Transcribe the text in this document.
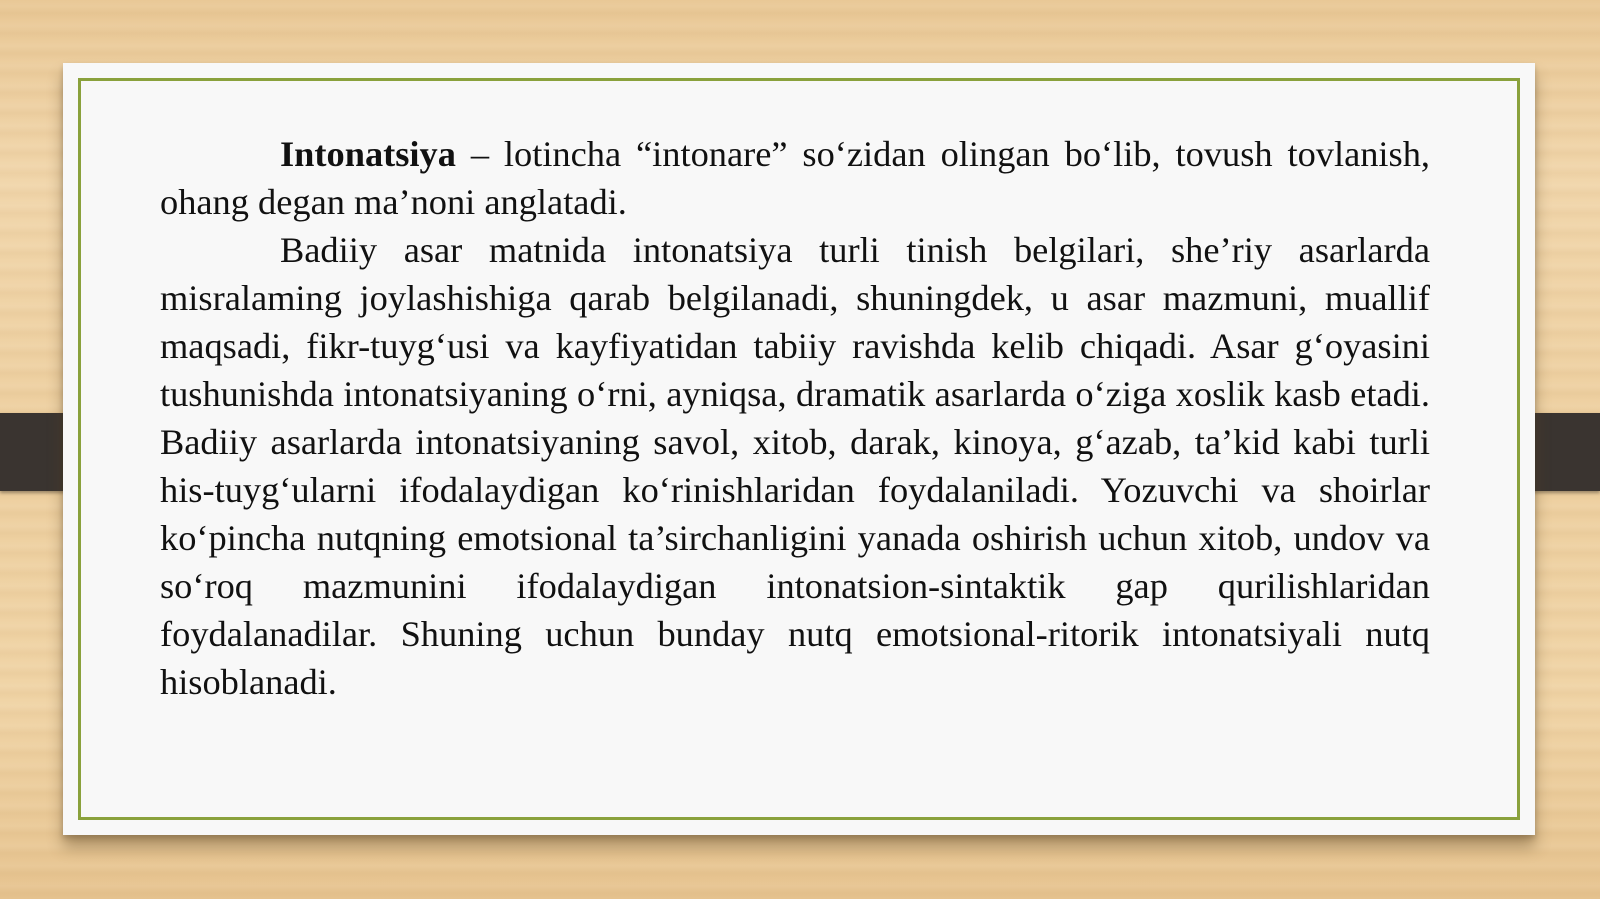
Intonatsiya – lotincha “intonare” so‘zidan olingan bo‘lib, tovush tovlanish, ohang degan ma’noni anglatadi.

Badiiy asar matnida intonatsiya turli tinish belgilari, she’riy asarlarda misralaming joylashishiga qarab belgilanadi, shuningdek, u asar mazmuni, muallif maqsadi, fikr-tuyg‘usi va kayfiyatidan tabiiy ravishda kelib chiqadi. Asar g‘oyasini tushunishda intonatsiyaning o‘rni, ayniqsa, dramatik asarlarda o‘ziga xoslik kasb etadi. Badiiy asarlarda intonatsiyaning savol, xitob, darak, kinoya, g‘azab, ta’kid kabi turli his-tuyg‘ularni ifodalaydigan ko‘rinishlaridan foydalaniladi. Yozuvchi va shoirlar ko‘pincha nutqning emotsional ta’sirchanligini yanada oshirish uchun xitob, undov va so‘roq mazmunini ifodalaydigan intonatsion-sintaktik gap qurilishlaridan foydalanadilar. Shuning uchun bunday nutq emotsional-ritorik intonatsiyali nutq hisoblanadi.
